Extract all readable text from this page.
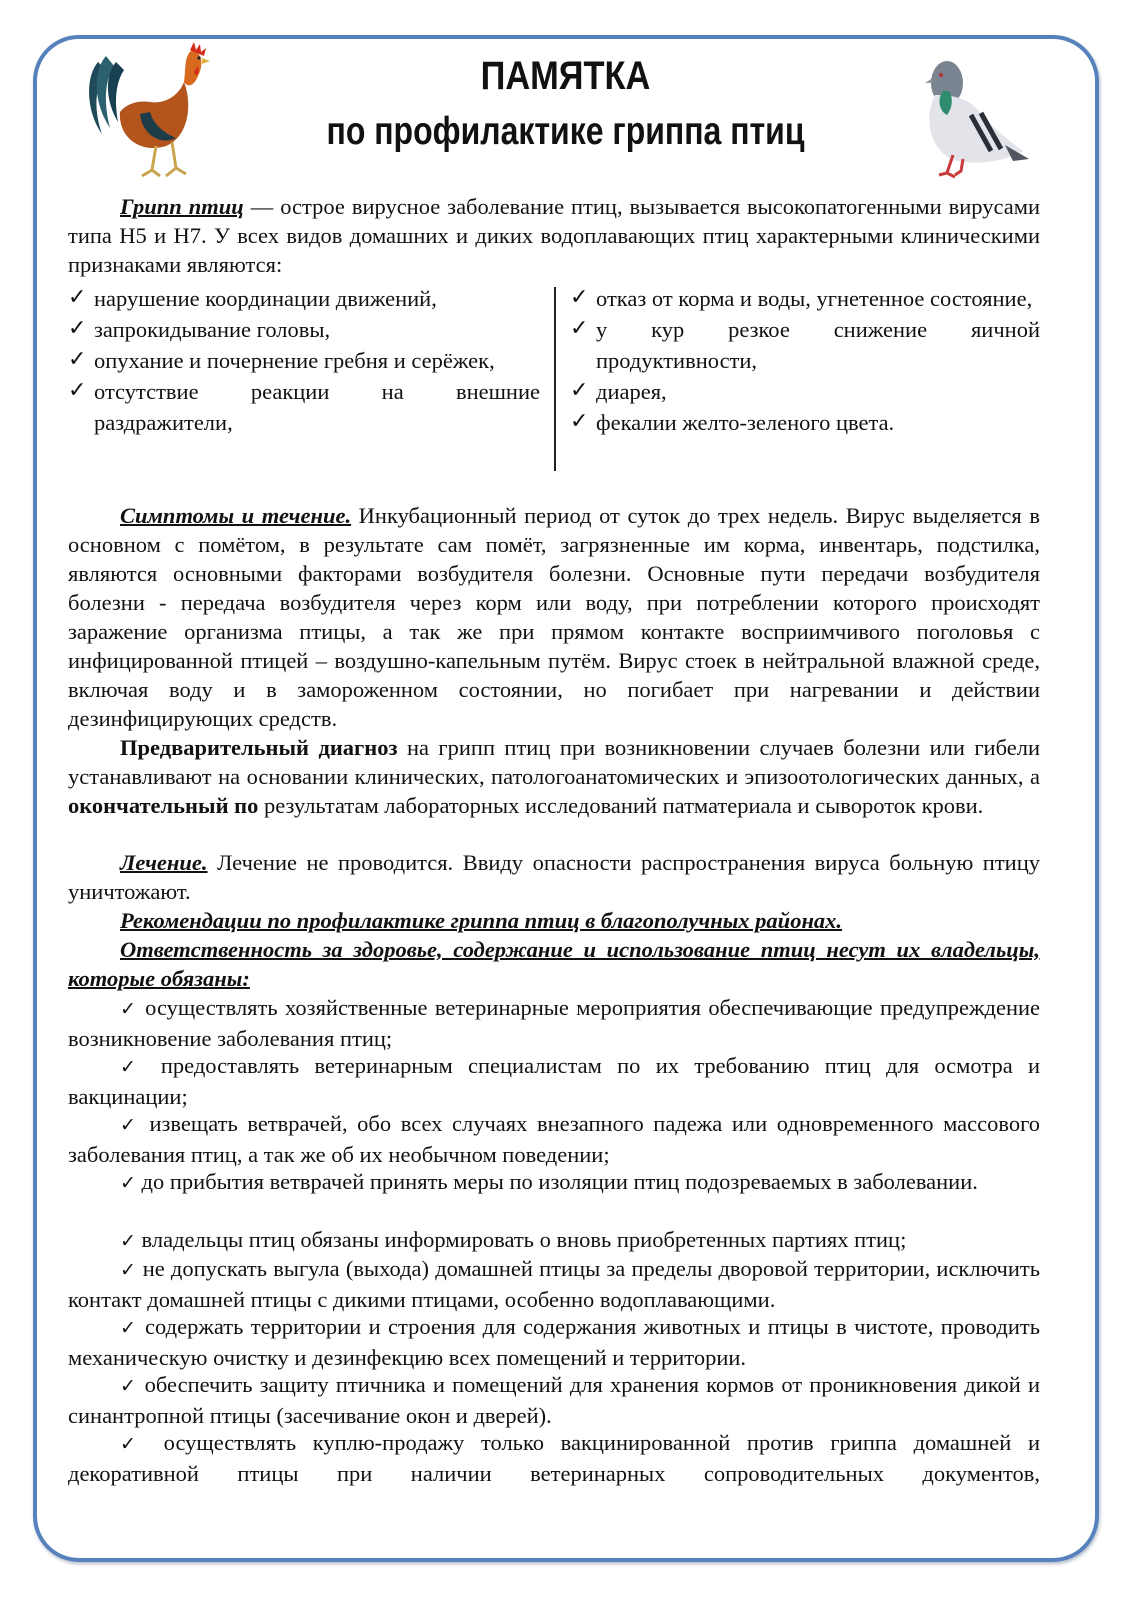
ПАМЯТКА
по профилактике гриппа птиц
Грипп птиц — острое вирусное заболевание птиц, вызывается высокопатогенными вирусами типа Н5 и Н7. У всех видов домашних и диких водоплавающих птиц характерными клиническими признаками являются:
✓ нарушение координации движений,
✓ запрокидывание головы,
✓ опухание и почернение гребня и серёжек,
✓ отсутствие реакции на внешние раздражители,
✓ отказ от корма и воды, угнетенное состояние,
✓ у кур резкое снижение яичной продуктивности,
✓ диарея,
✓ фекалии желто-зеленого цвета.
Симптомы и течение. Инкубационный период от суток до трех недель. Вирус выделяется в основном с помётом, в результате сам помёт, загрязненные им корма, инвентарь, подстилка, являются основными факторами возбудителя болезни. Основные пути передачи возбудителя болезни - передача возбудителя через корм или воду, при потреблении которого происходят заражение организма птицы, а так же при прямом контакте восприимчивого поголовья с инфицированной птицей – воздушно-капельным путём. Вирус стоек в нейтральной влажной среде, включая воду и в замороженном состоянии, но погибает при нагревании и действии дезинфицирующих средств.
Предварительный диагноз на грипп птиц при возникновении случаев болезни или гибели устанавливают на основании клинических, патологоанатомических и эпизоотологических данных, а окончательный по результатам лабораторных исследований патматериала и сывороток крови.
Лечение. Лечение не проводится. Ввиду опасности распространения вируса больную птицу уничтожают.
Рекомендации по профилактике гриппа птиц в благополучных районах.
Ответственность за здоровье, содержание и использование птиц несут их владельцы, которые обязаны:
✓ осуществлять хозяйственные ветеринарные мероприятия обеспечивающие предупреждение возникновение заболевания птиц;
✓ предоставлять ветеринарным специалистам по их требованию птиц для осмотра и вакцинации;
✓ извещать ветврачей, обо всех случаях внезапного падежа или одновременного массового заболевания птиц, а так же об их необычном поведении;
✓ до прибытия ветврачей принять меры по изоляции птиц подозреваемых в заболевании.
✓ владельцы птиц обязаны информировать о вновь приобретенных партиях птиц;
✓ не допускать выгула (выхода) домашней птицы за пределы дворовой территории, исключить контакт домашней птицы с дикими птицами, особенно водоплавающими.
✓ содержать территории и строения для содержания животных и птицы в чистоте, проводить механическую очистку и дезинфекцию всех помещений и территории.
✓ обеспечить защиту птичника и помещений для хранения кормов от проникновения дикой и синантропной птицы (засечивание окон и дверей).
✓ осуществлять куплю-продажу только вакцинированной против гриппа домашней и декоративной птицы при наличии ветеринарных сопроводительных документов,
